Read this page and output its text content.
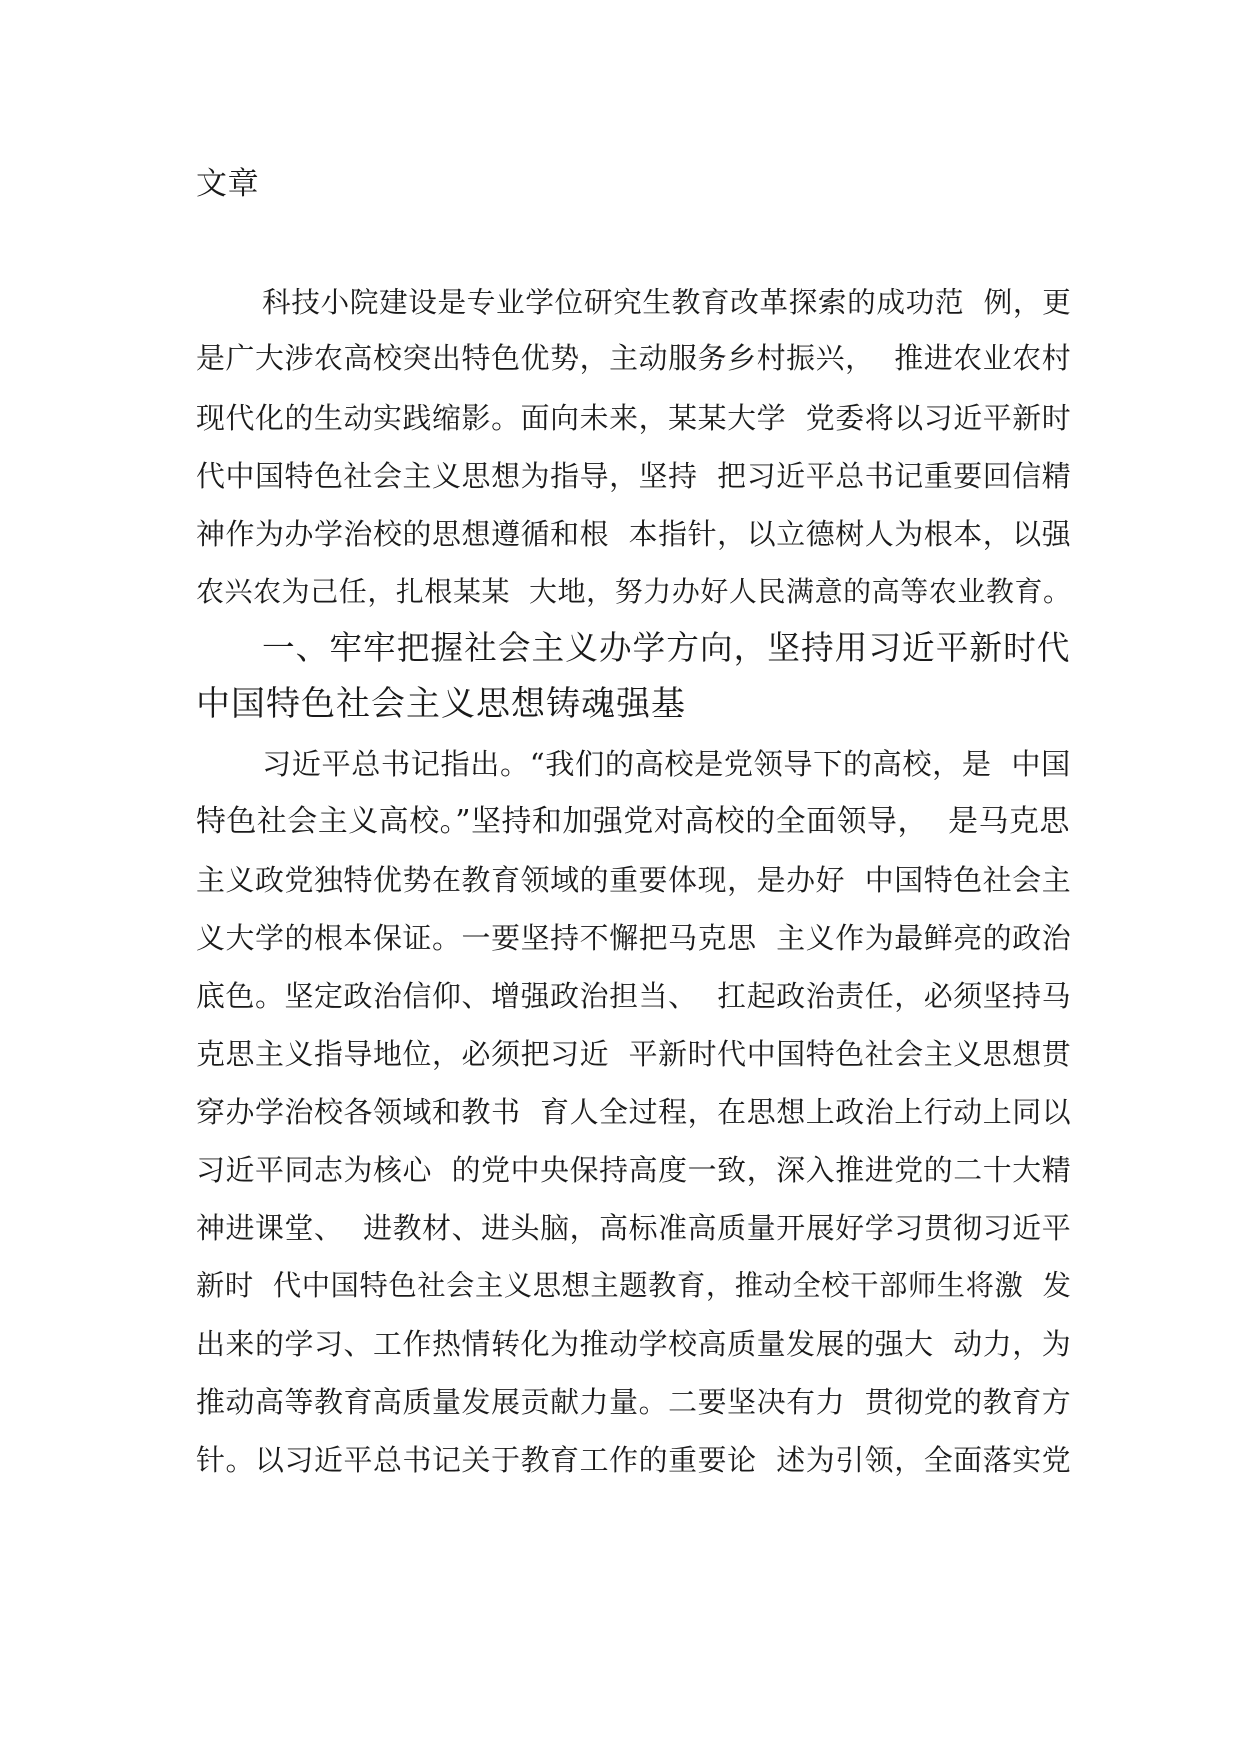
文章
科技小院建设是专业学位研究生教育改革探索的成功范  例，更
是广大涉农高校突出特色优势，主动服务乡村振兴，  推进农业农村
现代化的生动实践缩影。面向未来，某某大学  党委将以习近平新时
代中国特色社会主义思想为指导，坚持  把习近平总书记重要回信精
神作为办学治校的思想遵循和根  本指针，以立德树人为根本，以强
农兴农为己任，扎根某某  大地，努力办好人民满意的高等农业教育。
一、牢牢把握社会主义办学方向，坚持用习近平新时代
中国特色社会主义思想铸魂强基
习近平总书记指出。“我们的高校是党领导下的高校，是  中国
特色社会主义高校。”坚持和加强党对高校的全面领导，  是马克思
主义政党独特优势在教育领域的重要体现，是办好  中国特色社会主
义大学的根本保证。一要坚持不懈把马克思  主义作为最鲜亮的政治
底色。坚定政治信仰、增强政治担当、  扛起政治责任，必须坚持马
克思主义指导地位，必须把习近  平新时代中国特色社会主义思想贯
穿办学治校各领域和教书  育人全过程，在思想上政治上行动上同以
习近平同志为核心  的党中央保持高度一致，深入推进党的二十大精
神进课堂、  进教材、进头脑，高标准高质量开展好学习贯彻习近平
新时  代中国特色社会主义思想主题教育，推动全校干部师生将激  发
出来的学习、工作热情转化为推动学校高质量发展的强大  动力，为
推动高等教育高质量发展贡献力量。二要坚决有力  贯彻党的教育方
针。以习近平总书记关于教育工作的重要论  述为引领，全面落实党
